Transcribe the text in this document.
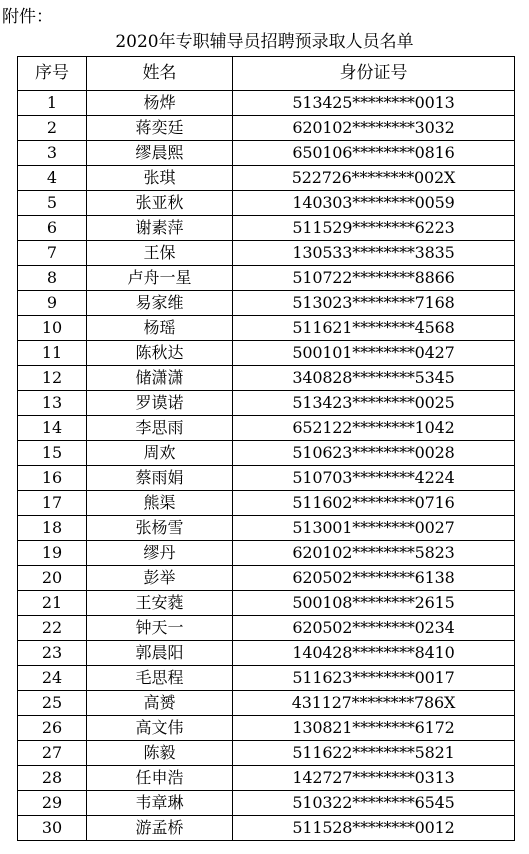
附件：
2020年专职辅导员招聘预录取人员名单
序号	姓名	身份证号
1	杨烨	513425********0013
2	蒋奕廷	620102********3032
3	缪晨熙	650106********0816
4	张琪	522726********002X
5	张亚秋	140303********0059
6	谢素萍	511529********6223
7	王保	130533********3835
8	卢舟一星	510722********8866
9	易家维	513023********7168
10	杨瑶	511621********4568
11	陈秋达	500101********0427
12	储潇潇	340828********5345
13	罗谟诺	513423********0025
14	李思雨	652122********1042
15	周欢	510623********0028
16	蔡雨娟	510703********4224
17	熊渠	511602********0716
18	张杨雪	513001********0027
19	缪丹	620102********5823
20	彭举	620502********6138
21	王安蕤	500108********2615
22	钟天一	620502********0234
23	郭晨阳	140428********8410
24	毛思程	511623********0017
25	高赟	431127********786X
26	高文伟	130821********6172
27	陈毅	511622********5821
28	任申浩	142727********0313
29	韦章琳	510322********6545
30	游孟桥	511528********0012
